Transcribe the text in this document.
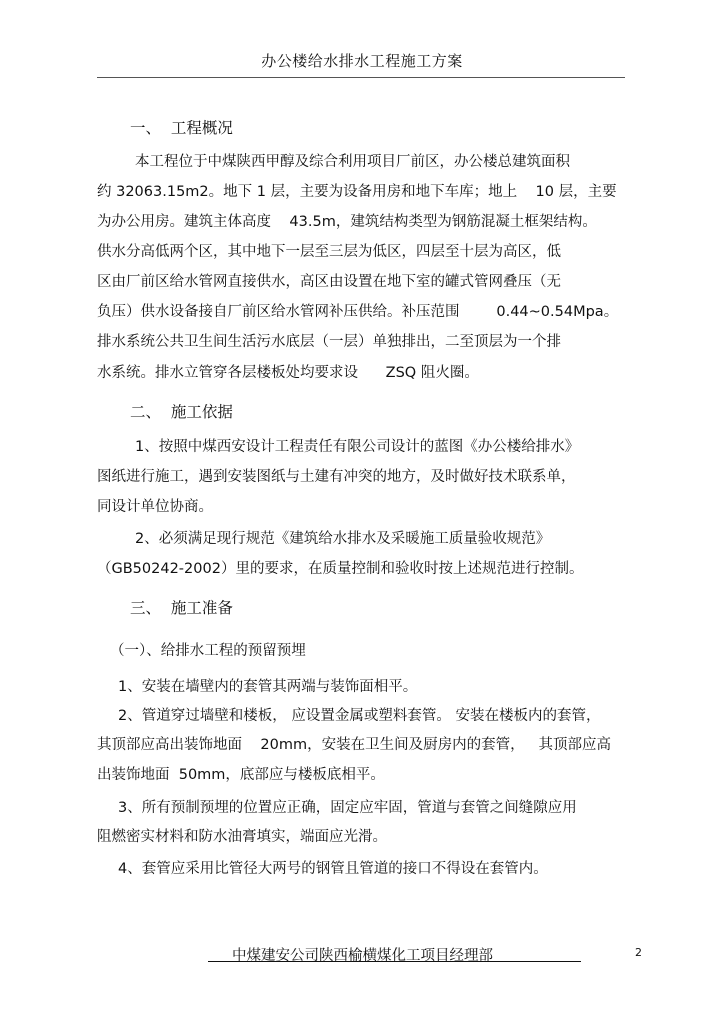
办公楼给水排水工程施工方案
一、  工程概况
本工程位于中煤陕西甲醇及综合利用项目厂前区，办公楼总建筑面积
约 32063.15m2。地下 1 层，主要为设备用房和地下车库；地上    10 层，主要
为办公用房。建筑主体高度    43.5m，建筑结构类型为钢筋混凝土框架结构。
供水分高低两个区，其中地下一层至三层为低区，四层至十层为高区，低
区由厂前区给水管网直接供水，高区由设置在地下室的罐式管网叠压（无
负压）供水设备接自厂前区给水管网补压供给。补压范围        0.44~0.54Mpa。
排水系统公共卫生间生活污水底层（一层）单独排出，二至顶层为一个排
水系统。排水立管穿各层楼板处均要求设      ZSQ 阻火圈。
二、  施工依据
1、按照中煤西安设计工程责任有限公司设计的蓝图《办公楼给排水》
图纸进行施工，遇到安装图纸与土建有冲突的地方，及时做好技术联系单，
同设计单位协商。
2、必须满足现行规范《建筑给水排水及采暖施工质量验收规范》
（GB50242-2002）里的要求，在质量控制和验收时按上述规范进行控制。
三、  施工准备
（一）、给排水工程的预留预埋
1、安装在墙壁内的套管其两端与装饰面相平。
2、管道穿过墙壁和楼板， 应设置金属或塑料套管。 安装在楼板内的套管，
其顶部应高出装饰地面    20mm，安装在卫生间及厨房内的套管，   其顶部应高
出装饰地面  50mm，底部应与楼板底相平。
3、所有预制预埋的位置应正确，固定应牢固，管道与套管之间缝隙应用
阻燃密实材料和防水油膏填实，端面应光滑。
4、套管应采用比管径大两号的钢管且管道的接口不得设在套管内。
中煤建安公司陕西榆横煤化工项目经理部	2
